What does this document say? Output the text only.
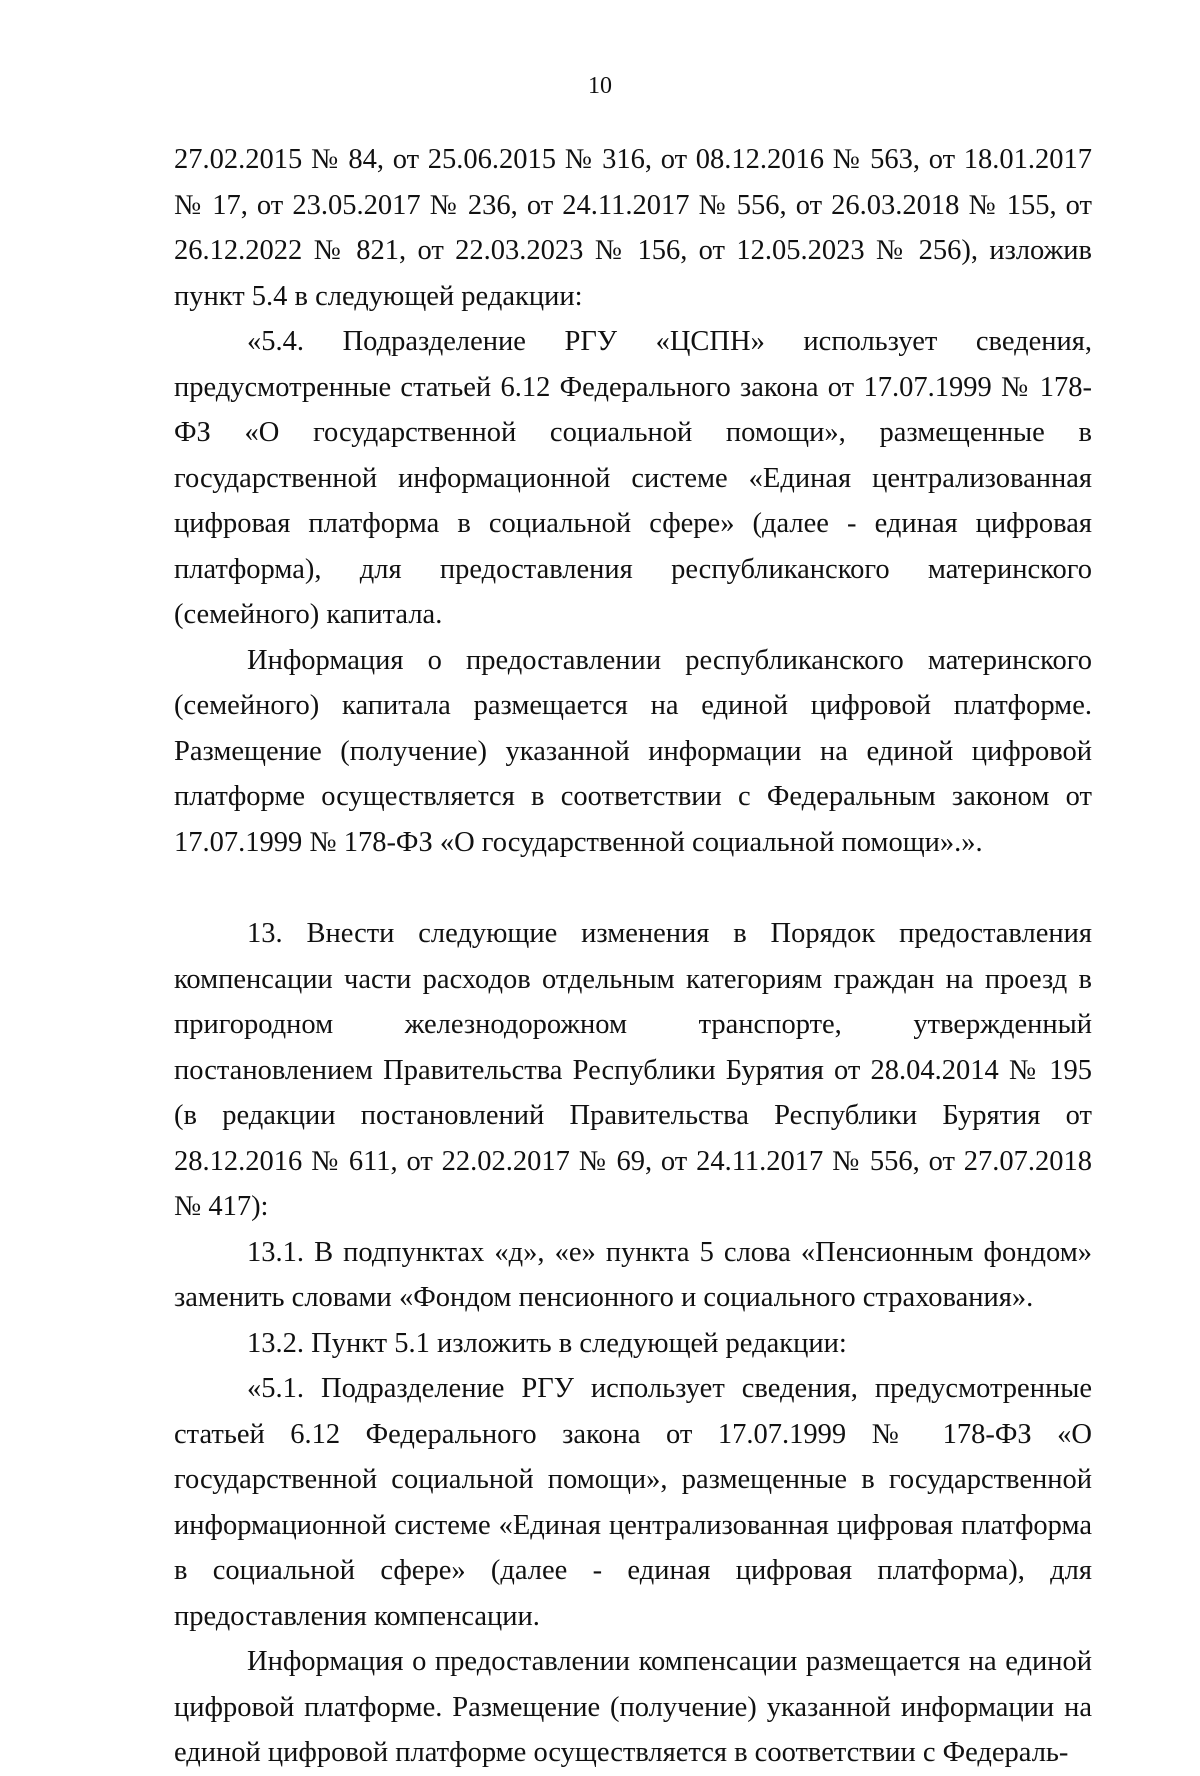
10

27.02.2015 № 84, от 25.06.2015 № 316, от 08.12.2016 № 563, от 18.01.2017 № 17, от 23.05.2017 № 236, от 24.11.2017 № 556, от 26.03.2018 № 155, от 26.12.2022 № 821, от 22.03.2023 № 156, от 12.05.2023 № 256), изложив пункт 5.4 в следующей редакции:

«5.4. Подразделение РГУ «ЦСПН» использует сведения, предусмотренные статьей 6.12 Федерального закона от 17.07.1999 № 178-ФЗ «О государственной социальной помощи», размещенные в государственной информационной системе «Единая централизованная цифровая платформа в социальной сфере» (далее - единая цифровая платформа), для предоставления республиканского материнского (семейного) капитала.

Информация о предоставлении республиканского материнского (семейного) капитала размещается на единой цифровой платформе. Размещение (получение) указанной информации на единой цифровой платформе осуществляется в соответствии с Федеральным законом от 17.07.1999 № 178-ФЗ «О государственной социальной помощи».».

13. Внести следующие изменения в Порядок предоставления компенсации части расходов отдельным категориям граждан на проезд в пригородном железнодорожном транспорте, утвержденный постановлением Правительства Республики Бурятия от 28.04.2014 № 195 (в редакции постановлений Правительства Республики Бурятия от 28.12.2016 № 611, от 22.02.2017 № 69, от 24.11.2017 № 556, от 27.07.2018 № 417):

13.1. В подпунктах «д», «е» пункта 5 слова «Пенсионным фондом» заменить словами «Фондом пенсионного и социального страхования».

13.2. Пункт 5.1 изложить в следующей редакции:

«5.1. Подразделение РГУ использует сведения, предусмотренные статьей 6.12 Федерального закона от 17.07.1999 № 178-ФЗ «О государственной социальной помощи», размещенные в государственной информационной системе «Единая централизованная цифровая платформа в социальной сфере» (далее - единая цифровая платформа), для предоставления компенсации.

Информация о предоставлении компенсации размещается на единой цифровой платформе. Размещение (получение) указанной информации на единой цифровой платформе осуществляется в соответствии с Федераль-
